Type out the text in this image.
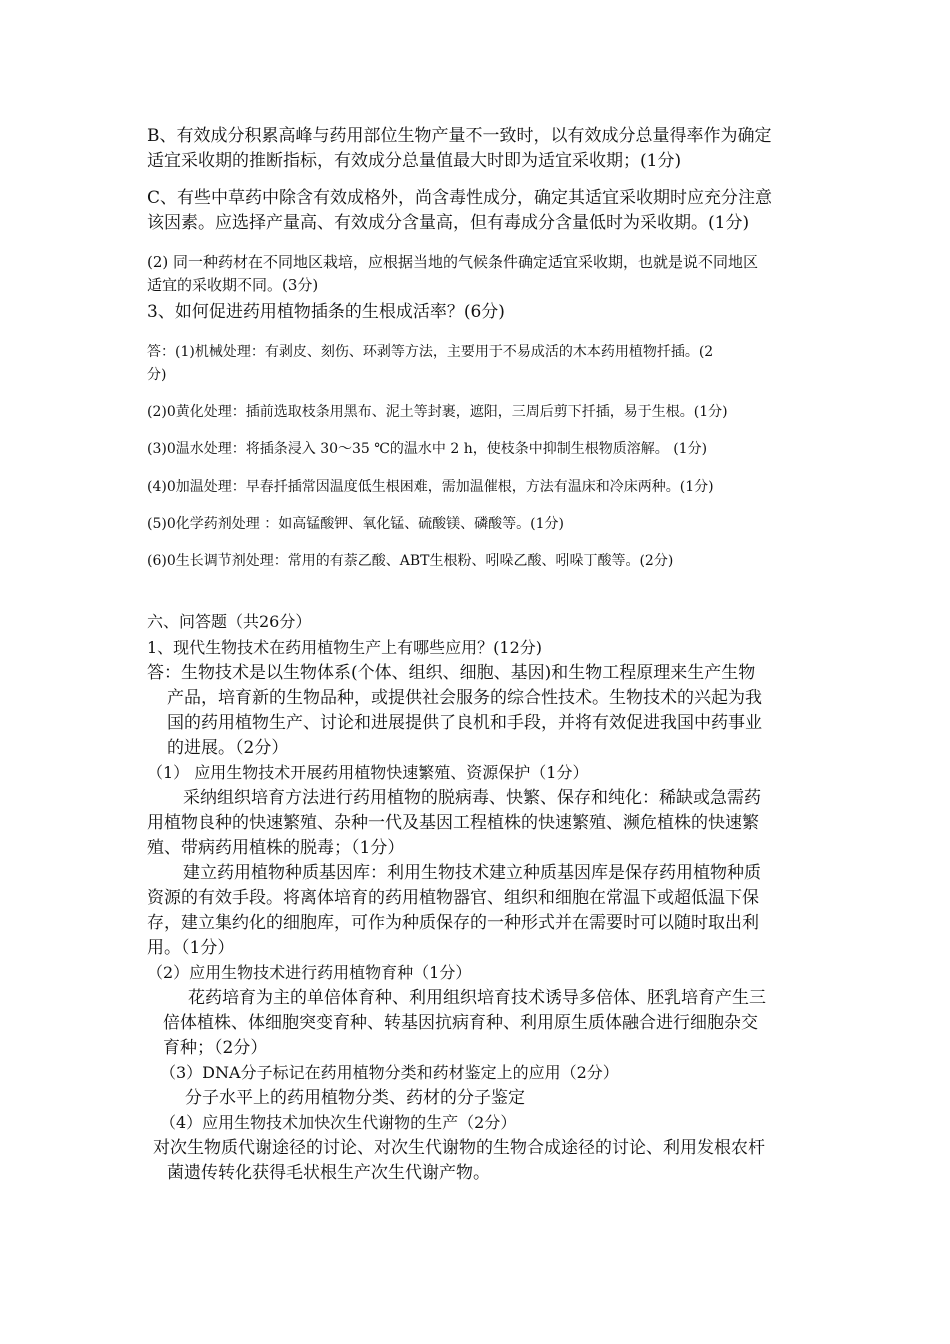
B、有效成分积累高峰与药用部位生物产量不一致时，以有效成分总量得率作为确定
适宜采收期的推断指标，有效成分总量值最大时即为适宜采收期；(1分)
C、有些中草药中除含有效成格外，尚含毒性成分，确定其适宜采收期时应充分注意
该因素。应选择产量高、有效成分含量高，但有毒成分含量低时为采收期。(1分)
(2) 同一种药材在不同地区栽培，应根据当地的气候条件确定适宜采收期，也就是说不同地区
适宜的采收期不同。(3分)
3、如何促进药用植物插条的生根成活率？(6分)
答：(1)机械处理：有剥皮、刻伤、环剥等方法，主要用于不易成活的木本药用植物扦插。(2
分)
(2)0黄化处理：插前选取枝条用黑布、泥土等封裹，遮阳，三周后剪下扦插，易于生根。(1分)
(3)0温水处理：将插条浸入 30～35 ℃的温水中 2 h，使枝条中抑制生根物质溶解。 (1分)
(4)0加温处理：早春扦插常因温度低生根困难，需加温催根，方法有温床和冷床两种。(1分)
(5)0化学药剂处理 ：如高锰酸钾、氧化锰、硫酸镁、磷酸等。(1分)
(6)0生长调节剂处理：常用的有萘乙酸、ABT生根粉、吲哚乙酸、吲哚丁酸等。(2分)
六、问答题（共26分）
1、现代生物技术在药用植物生产上有哪些应用？(12分)
答：生物技术是以生物体系(个体、组织、细胞、基因)和生物工程原理来生产生物
产品，培育新的生物品种，或提供社会服务的综合性技术。生物技术的兴起为我
国的药用植物生产、讨论和进展提供了良机和手段，并将有效促进我国中药事业
的进展。（2分）
（1） 应用生物技术开展药用植物快速繁殖、资源保护（1分）
采纳组织培育方法进行药用植物的脱病毒、快繁、保存和纯化：稀缺或急需药
用植物良种的快速繁殖、杂种一代及基因工程植株的快速繁殖、濒危植株的快速繁
殖、带病药用植株的脱毒；（1分）
建立药用植物种质基因库：利用生物技术建立种质基因库是保存药用植物种质
资源的有效手段。将离体培育的药用植物器官、组织和细胞在常温下或超低温下保
存，建立集约化的细胞库，可作为种质保存的一种形式并在需要时可以随时取出利
用。（1分）
（2）应用生物技术进行药用植物育种（1分）
花药培育为主的单倍体育种、利用组织培育技术诱导多倍体、胚乳培育产生三
倍体植株、体细胞突变育种、转基因抗病育种、利用原生质体融合进行细胞杂交
育种；（2分）
（3）DNA分子标记在药用植物分类和药材鉴定上的应用（2分）
分子水平上的药用植物分类、药材的分子鉴定
（4）应用生物技术加快次生代谢物的生产（2分）
对次生物质代谢途径的讨论、对次生代谢物的生物合成途径的讨论、利用发根农杆
菌遗传转化获得毛状根生产次生代谢产物。
